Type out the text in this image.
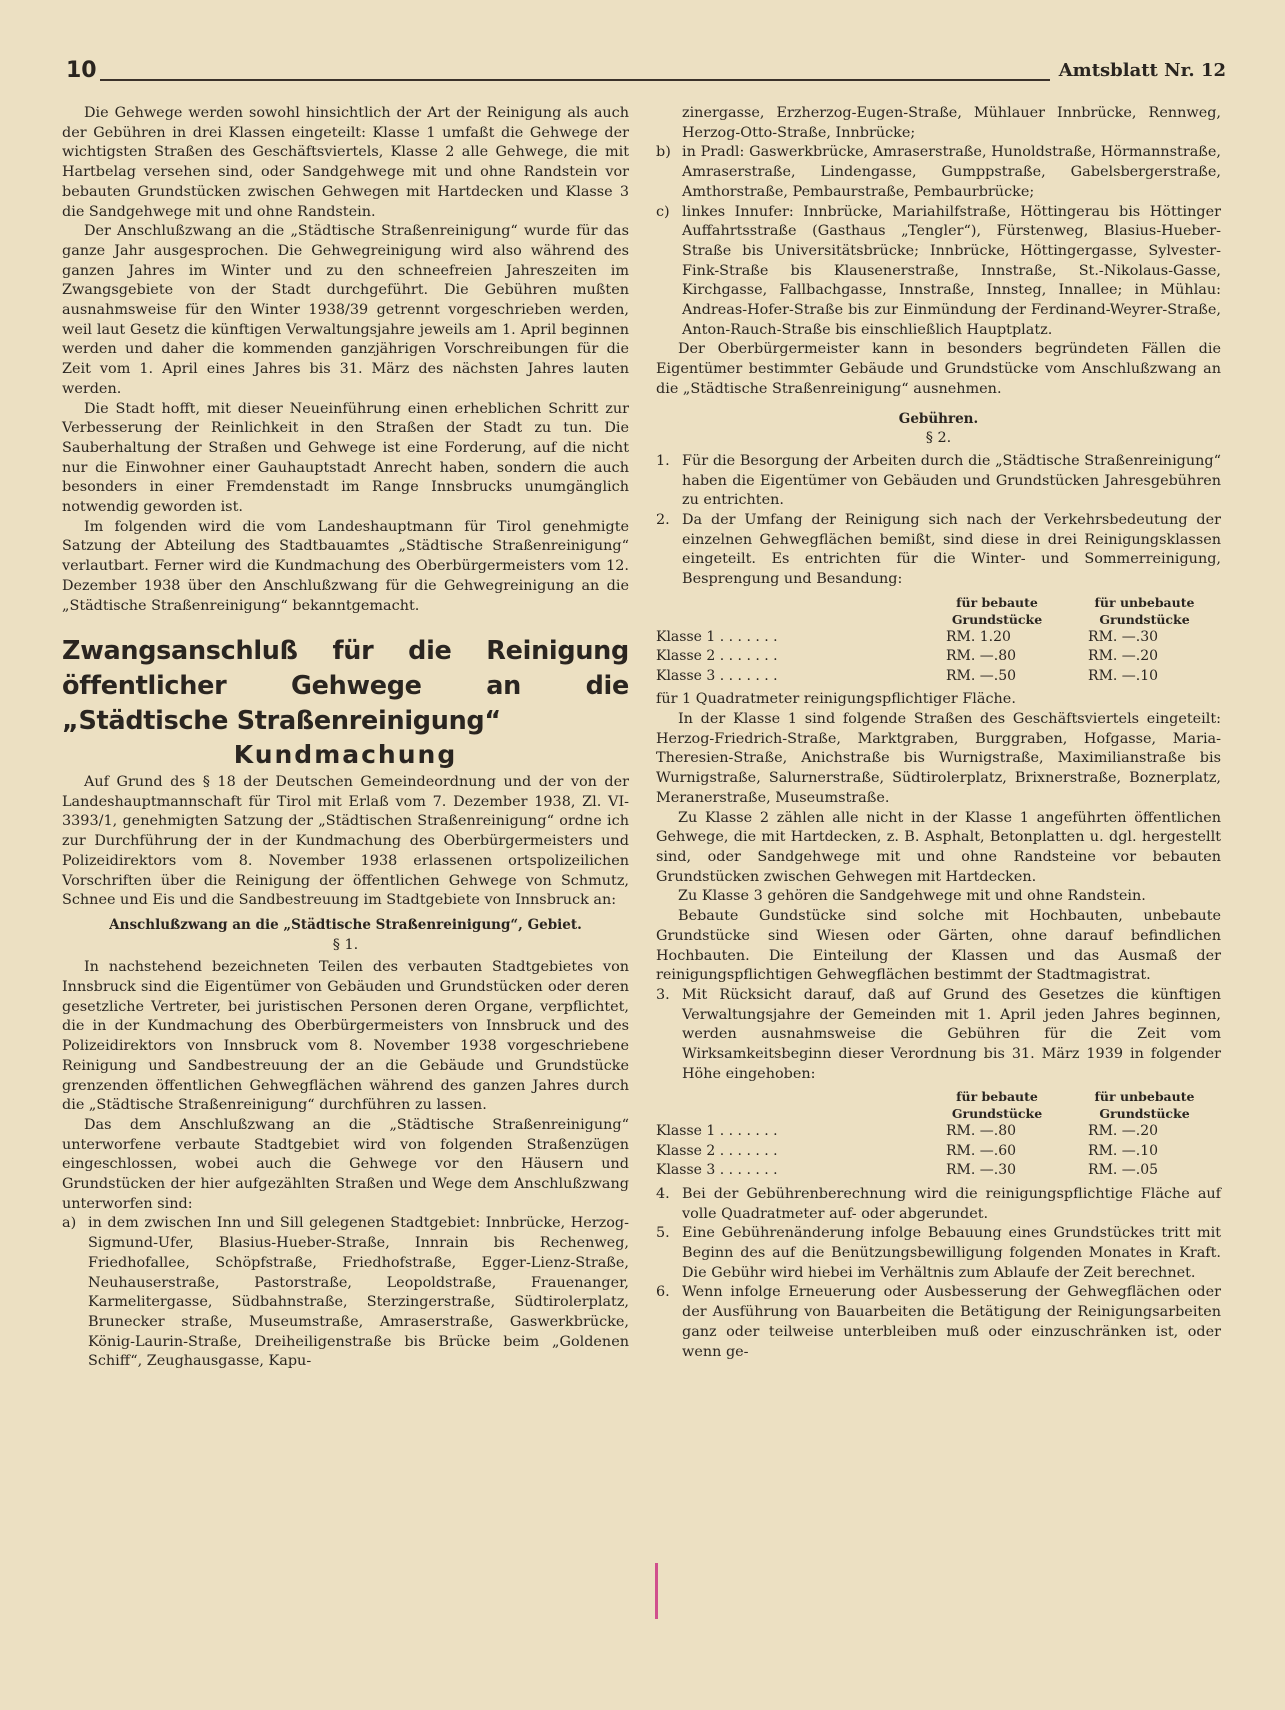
10	Amtsblatt Nr. 12

Die Gehwege werden sowohl hinsichtlich der Art der Reinigung als auch der Gebühren in drei Klassen eingeteilt: Klasse 1 umfaßt die Gehwege der wichtigsten Straßen des Geschäftsviertels, Klasse 2 alle Gehwege, die mit Hartbelag versehen sind, oder Sandgehwege mit und ohne Randstein vor bebauten Grundstücken zwischen Gehwegen mit Hartdecken und Klasse 3 die Sandgehwege mit und ohne Randstein.

Der Anschlußzwang an die „Städtische Straßenreinigung“ wurde für das ganze Jahr ausgesprochen. Die Gehwegreinigung wird also während des ganzen Jahres im Winter und zu den schneefreien Jahreszeiten im Zwangsgebiete von der Stadt durchgeführt. Die Gebühren mußten ausnahmsweise für den Winter 1938/39 getrennt vorgeschrieben werden, weil laut Gesetz die künftigen Verwaltungsjahre jeweils am 1. April beginnen werden und daher die kommenden ganzjährigen Vorschreibungen für die Zeit vom 1. April eines Jahres bis 31. März des nächsten Jahres lauten werden.

Die Stadt hofft, mit dieser Neueinführung einen erheblichen Schritt zur Verbesserung der Reinlichkeit in den Straßen der Stadt zu tun. Die Sauberhaltung der Straßen und Gehwege ist eine Forderung, auf die nicht nur die Einwohner einer Gauhauptstadt Anrecht haben, sondern die auch besonders in einer Fremdenstadt im Range Innsbrucks unumgänglich notwendig geworden ist.

Im folgenden wird die vom Landeshauptmann für Tirol genehmigte Satzung der Abteilung des Stadtbauamtes „Städtische Straßenreinigung“ verlautbart. Ferner wird die Kundmachung des Oberbürgermeisters vom 12. Dezember 1938 über den Anschlußzwang für die Gehwegreinigung an die „Städtische Straßenreinigung“ bekanntgemacht.

Zwangsanschluß für die Reinigung öffentlicher Gehwege an die „Städtische Straßenreinigung“
Kundmachung

Auf Grund des § 18 der Deutschen Gemeindeordnung und der von der Landeshauptmannschaft für Tirol mit Erlaß vom 7. Dezember 1938, Zl. VI-3393/1, genehmigten Satzung der „Städtischen Straßenreinigung“ ordne ich zur Durchführung der in der Kundmachung des Oberbürgermeisters und Polizeidirektors vom 8. November 1938 erlassenen ortspolizeilichen Vorschriften über die Reinigung der öffentlichen Gehwege von Schmutz, Schnee und Eis und die Sandbestreuung im Stadtgebiete von Innsbruck an:

Anschlußzwang an die „Städtische Straßenreinigung“, Gebiet.
§ 1.

In nachstehend bezeichneten Teilen des verbauten Stadtgebietes von Innsbruck sind die Eigentümer von Gebäuden und Grundstücken oder deren gesetzliche Vertreter, bei juristischen Personen deren Organe, verpflichtet, die in der Kundmachung des Oberbürgermeisters von Innsbruck und des Polizeidirektors von Innsbruck vom 8. November 1938 vorgeschriebene Reinigung und Sandbestreuung der an die Gebäude und Grundstücke grenzenden öffentlichen Gehwegflächen während des ganzen Jahres durch die „Städtische Straßenreinigung“ durchführen zu lassen.

Das dem Anschlußzwang an die „Städtische Straßenreinigung“ unterworfene verbaute Stadtgebiet wird von folgenden Straßenzügen eingeschlossen, wobei auch die Gehwege vor den Häusern und Grundstücken der hier aufgezählten Straßen und Wege dem Anschlußzwang unterworfen sind:

a) in dem zwischen Inn und Sill gelegenen Stadtgebiet: Innbrücke, Herzog-Sigmund-Ufer, Blasius-Hueber-Straße, Innrain bis Rechenweg, Friedhofallee, Schöpfstraße, Friedhofstraße, Egger-Lienz-Straße, Neuhauserstraße, Pastorstraße, Leopoldstraße, Frauenanger, Karmelitergasse, Südbahnstraße, Sterzingerstraße, Südtirolerplatz, Brunecker straße, Museumstraße, Amraserstraße, Gaswerkbrücke, König-Laurin-Straße, Dreiheiligenstraße bis Brücke beim „Goldenen Schiff“, Zeughausgasse, Kapu-
zinergasse, Erzherzog-Eugen-Straße, Mühlauer Innbrücke, Rennweg, Herzog-Otto-Straße, Innbrücke;
b) in Pradl: Gaswerkbrücke, Amraserstraße, Hunoldstraße, Hörmannstraße, Amraserstraße, Lindengasse, Gumppstraße, Gabelsbergerstraße, Amthorstraße, Pembaurstraße, Pembaurbrücke;
c) linkes Innufer: Innbrücke, Mariahilfstraße, Höttingerau bis Höttinger Auffahrtsstraße (Gasthaus „Tengler“), Fürstenweg, Blasius-Hueber-Straße bis Universitätsbrücke; Innbrücke, Höttingergasse, Sylvester-Fink-Straße bis Klausenerstraße, Innstraße, St.-Nikolaus-Gasse, Kirchgasse, Fallbachgasse, Innstraße, Innsteg, Innallee; in Mühlau: Andreas-Hofer-Straße bis zur Einmündung der Ferdinand-Weyrer-Straße, Anton-Rauch-Straße bis einschließlich Hauptplatz.

Der Oberbürgermeister kann in besonders begründeten Fällen die Eigentümer bestimmter Gebäude und Grundstücke vom Anschlußzwang an die „Städtische Straßenreinigung“ ausnehmen.

Gebühren.
§ 2.
1. Für die Besorgung der Arbeiten durch die „Städtische Straßenreinigung“ haben die Eigentümer von Gebäuden und Grundstücken Jahresgebühren zu entrichten.
2. Da der Umfang der Reinigung sich nach der Verkehrsbedeutung der einzelnen Gehwegflächen bemißt, sind diese in drei Reinigungsklassen eingeteilt. Es entrichten für die Winter- und Sommerreinigung, Besprengung und Besandung:
	für bebaute Grundstücke	für unbebaute Grundstücke
Klasse 1 . . . . . . .	RM. 1.20	RM. —.30
Klasse 2 . . . . . . .	RM. —.80	RM. —.20
Klasse 3 . . . . . . .	RM. —.50	RM. —.10

für 1 Quadratmeter reinigungspflichtiger Fläche.

In der Klasse 1 sind folgende Straßen des Geschäftsviertels eingeteilt: Herzog-Friedrich-Straße, Marktgraben, Burggraben, Hofgasse, Maria-Theresien-Straße, Anichstraße bis Wurnigstraße, Maximilianstraße bis Wurnigstraße, Salurnerstraße, Südtirolerplatz, Brixnerstraße, Boznerplatz, Meranerstraße, Museumstraße.

Zu Klasse 2 zählen alle nicht in der Klasse 1 angeführten öffentlichen Gehwege, die mit Hartdecken, z. B. Asphalt, Betonplatten u. dgl. hergestellt sind, oder Sandgehwege mit und ohne Randsteine vor bebauten Grundstücken zwischen Gehwegen mit Hartdecken.

Zu Klasse 3 gehören die Sandgehwege mit und ohne Randstein.

Bebaute Gundstücke sind solche mit Hochbauten, unbebaute Grundstücke sind Wiesen oder Gärten, ohne darauf befindlichen Hochbauten. Die Einteilung der Klassen und das Ausmaß der reinigungspflichtigen Gehwegflächen bestimmt der Stadtmagistrat.

3. Mit Rücksicht darauf, daß auf Grund des Gesetzes die künftigen Verwaltungsjahre der Gemeinden mit 1. April jeden Jahres beginnen, werden ausnahmsweise die Gebühren für die Zeit vom Wirksamkeitsbeginn dieser Verordnung bis 31. März 1939 in folgender Höhe eingehoben:
	für bebaute Grundstücke	für unbebaute Grundstücke
Klasse 1 . . . . . . .	RM. —.80	RM. —.20
Klasse 2 . . . . . . .	RM. —.60	RM. —.10
Klasse 3 . . . . . . .	RM. —.30	RM. —.05
4. Bei der Gebührenberechnung wird die reinigungspflichtige Fläche auf volle Quadratmeter auf- oder abgerundet.
5. Eine Gebührenänderung infolge Bebauung eines Grundstückes tritt mit Beginn des auf die Benützungsbewilligung folgenden Monates in Kraft. Die Gebühr wird hiebei im Verhältnis zum Ablaufe der Zeit berechnet.
6. Wenn infolge Erneuerung oder Ausbesserung der Gehwegflächen oder der Ausführung von Bauarbeiten die Betätigung der Reinigungsarbeiten ganz oder teilweise unterbleiben muß oder einzuschränken ist, oder wenn ge-
